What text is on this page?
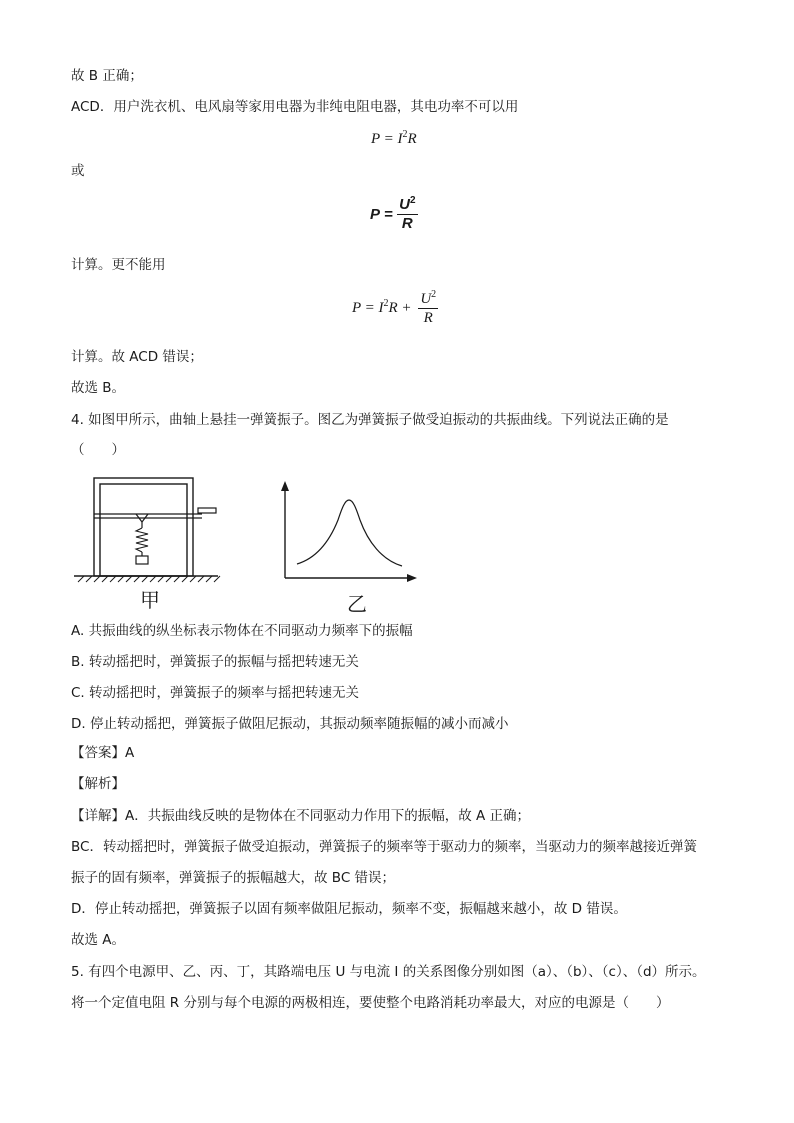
故 B 正确；
ACD．用户洗衣机、电风扇等家用电器为非纯电阻电器，其电功率不可以用
$P = I^2R$
或
$P = \frac{U^2}{R}$
计算。更不能用
$P = I^2R + \frac{U^2}{R}$
计算。故 ACD 错误；
故选 B。
4. 如图甲所示，曲轴上悬挂一弹簧振子。图乙为弹簧振子做受迫振动的共振曲线。下列说法正确的是
（　　）
甲	乙
A. 共振曲线的纵坐标表示物体在不同驱动力频率下的振幅
B. 转动摇把时，弹簧振子的振幅与摇把转速无关
C. 转动摇把时，弹簧振子的频率与摇把转速无关
D. 停止转动摇把，弹簧振子做阻尼振动，其振动频率随振幅的减小而减小
【答案】A
【解析】
【详解】A．共振曲线反映的是物体在不同驱动力作用下的振幅，故 A 正确；
BC．转动摇把时，弹簧振子做受迫振动，弹簧振子的频率等于驱动力的频率，当驱动力的频率越接近弹簧
振子的固有频率，弹簧振子的振幅越大，故 BC 错误；
D．停止转动摇把，弹簧振子以固有频率做阻尼振动，频率不变，振幅越来越小，故 D 错误。
故选 A。
5. 有四个电源甲、乙、丙、丁，其路端电压 U 与电流 I 的关系图像分别如图（a）、（b）、（c）、（d）所示。
将一个定值电阻 R 分别与每个电源的两极相连，要使整个电路消耗功率最大，对应的电源是（　　）
